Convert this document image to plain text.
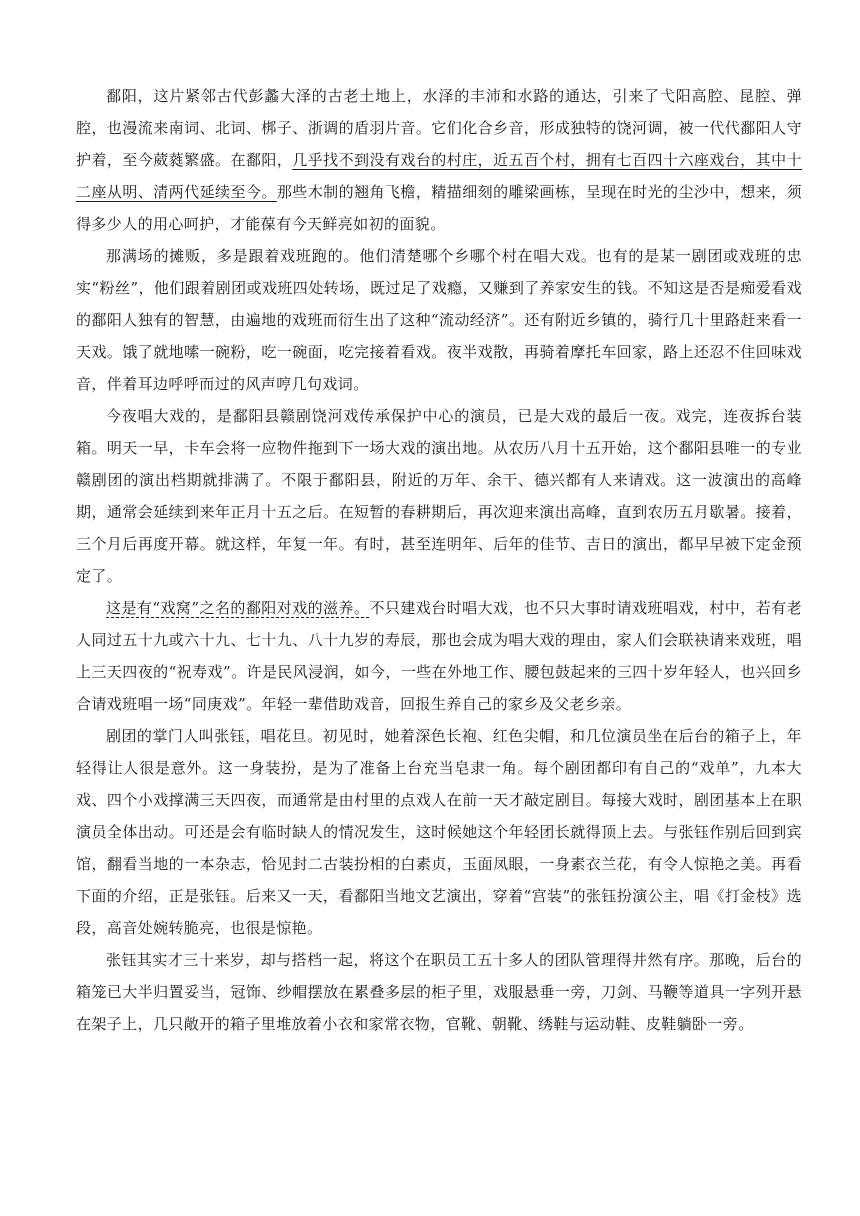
鄱阳，这片紧邻古代彭蠡大泽的古老土地上，水泽的丰沛和水路的通达，引来了弋阳高腔、昆腔、弹腔，也漫流来南词、北词、梆子、浙调的盾羽片音。它们化合乡音，形成独特的饶河调，被一代代鄱阳人守护着，至今葳蕤繁盛。在鄱阳，几乎找不到没有戏台的村庄，近五百个村，拥有七百四十六座戏台，其中十二座从明、清两代延续至今。那些木制的翘角飞檐，精描细刻的雕梁画栋，呈现在时光的尘沙中，想来，须得多少人的用心呵护，才能葆有今天鲜亮如初的面貌。

那满场的摊贩，多是跟着戏班跑的。他们清楚哪个乡哪个村在唱大戏。也有的是某一剧团或戏班的忠实“粉丝”，他们跟着剧团或戏班四处转场，既过足了戏瘾，又赚到了养家安生的钱。不知这是否是痴爱看戏的鄱阳人独有的智慧，由遍地的戏班而衍生出了这种“流动经济”。还有附近乡镇的，骑行几十里路赶来看一天戏。饿了就地嗦一碗粉，吃一碗面，吃完接着看戏。夜半戏散，再骑着摩托车回家，路上还忍不住回味戏音，伴着耳边呼呼而过的风声哼几句戏词。

今夜唱大戏的，是鄱阳县赣剧饶河戏传承保护中心的演员，已是大戏的最后一夜。戏完，连夜拆台装箱。明天一早，卡车会将一应物件拖到下一场大戏的演出地。从农历八月十五开始，这个鄱阳县唯一的专业赣剧团的演出档期就排满了。不限于鄱阳县，附近的万年、余干、德兴都有人来请戏。这一波演出的高峰期，通常会延续到来年正月十五之后。在短暂的春耕期后，再次迎来演出高峰，直到农历五月歇暑。接着，三个月后再度开幕。就这样，年复一年。有时，甚至连明年、后年的佳节、吉日的演出，都早早被下定金预定了。

这是有“戏窝”之名的鄱阳对戏的滋养。不只建戏台时唱大戏，也不只大事时请戏班唱戏，村中，若有老人同过五十九或六十九、七十九、八十九岁的寿辰，那也会成为唱大戏的理由，家人们会联袂请来戏班，唱上三天四夜的“祝寿戏”。许是民风浸润，如今，一些在外地工作、腰包鼓起来的三四十岁年轻人，也兴回乡合请戏班唱一场“同庚戏”。年轻一辈借助戏音，回报生养自己的家乡及父老乡亲。

剧团的掌门人叫张钰，唱花旦。初见时，她着深色长袍、红色尖帽，和几位演员坐在后台的箱子上，年轻得让人很是意外。这一身装扮，是为了准备上台充当皂隶一角。每个剧团都印有自己的“戏单”，九本大戏、四个小戏撑满三天四夜，而通常是由村里的点戏人在前一天才敲定剧目。每接大戏时，剧团基本上在职演员全体出动。可还是会有临时缺人的情况发生，这时候她这个年轻团长就得顶上去。与张钰作别后回到宾馆，翻看当地的一本杂志，恰见封二古装扮相的白素贞，玉面凤眼，一身素衣兰花，有令人惊艳之美。再看下面的介绍，正是张钰。后来又一天，看鄱阳当地文艺演出，穿着“宫装”的张钰扮演公主，唱《打金枝》选段，高音处婉转脆亮，也很是惊艳。

张钰其实才三十来岁，却与搭档一起，将这个在职员工五十多人的团队管理得井然有序。那晚，后台的箱笼已大半归置妥当，冠饰、纱帽摆放在累叠多层的柜子里，戏服悬垂一旁，刀剑、马鞭等道具一字列开悬在架子上，几只敞开的箱子里堆放着小衣和家常衣物，官靴、朝靴、绣鞋与运动鞋、皮鞋躺卧一旁。
